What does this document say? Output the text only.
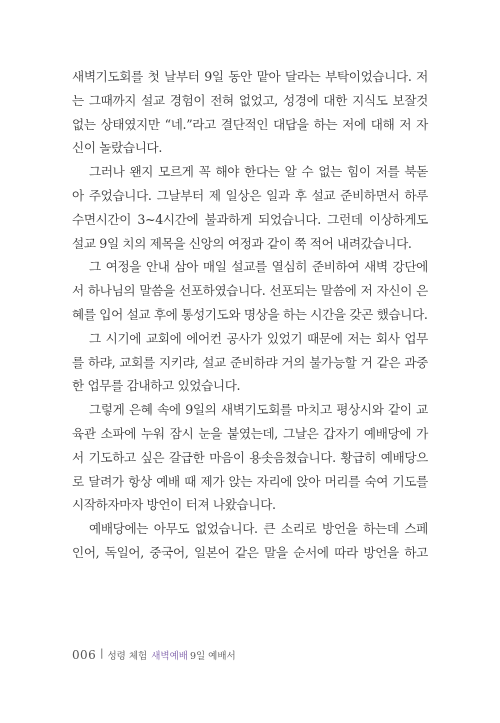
새벽기도회를 첫 날부터 9일 동안 맡아 달라는 부탁이었습니다. 저
는 그때까지 설교 경험이 전혀 없었고, 성경에 대한 지식도 보잘것
없는 상태였지만 “네.”라고 결단적인 대답을 하는 저에 대해 저 자
신이 놀랐습니다.
그러나 왠지 모르게 꼭 해야 한다는 알 수 없는 힘이 저를 북돋
아 주었습니다. 그날부터 제 일상은 일과 후 설교 준비하면서 하루
수면시간이 3~4시간에 불과하게 되었습니다. 그런데 이상하게도
설교 9일 치의 제목을 신앙의 여정과 같이 쭉 적어 내려갔습니다.
그 여정을 안내 삼아 매일 설교를 열심히 준비하여 새벽 강단에
서 하나님의 말씀을 선포하였습니다. 선포되는 말씀에 저 자신이 은
혜를 입어 설교 후에 통성기도와 명상을 하는 시간을 갖곤 했습니다.
그 시기에 교회에 에어컨 공사가 있었기 때문에 저는 회사 업무
를 하랴, 교회를 지키랴, 설교 준비하랴 거의 불가능할 거 같은 과중
한 업무를 감내하고 있었습니다.
그렇게 은혜 속에 9일의 새벽기도회를 마치고 평상시와 같이 교
육관 소파에 누워 잠시 눈을 붙였는데, 그날은 갑자기 예배당에 가
서 기도하고 싶은 갈급한 마음이 용솟음쳤습니다. 황급히 예배당으
로 달려가 항상 예배 때 제가 앉는 자리에 앉아 머리를 숙여 기도를
시작하자마자 방언이 터져 나왔습니다.
예배당에는 아무도 없었습니다. 큰 소리로 방언을 하는데 스페
인어, 독일어, 중국어, 일본어 같은 말을 순서에 따라 방언을 하고
006 | 성령 체험 새벽예배 9일 예배서
